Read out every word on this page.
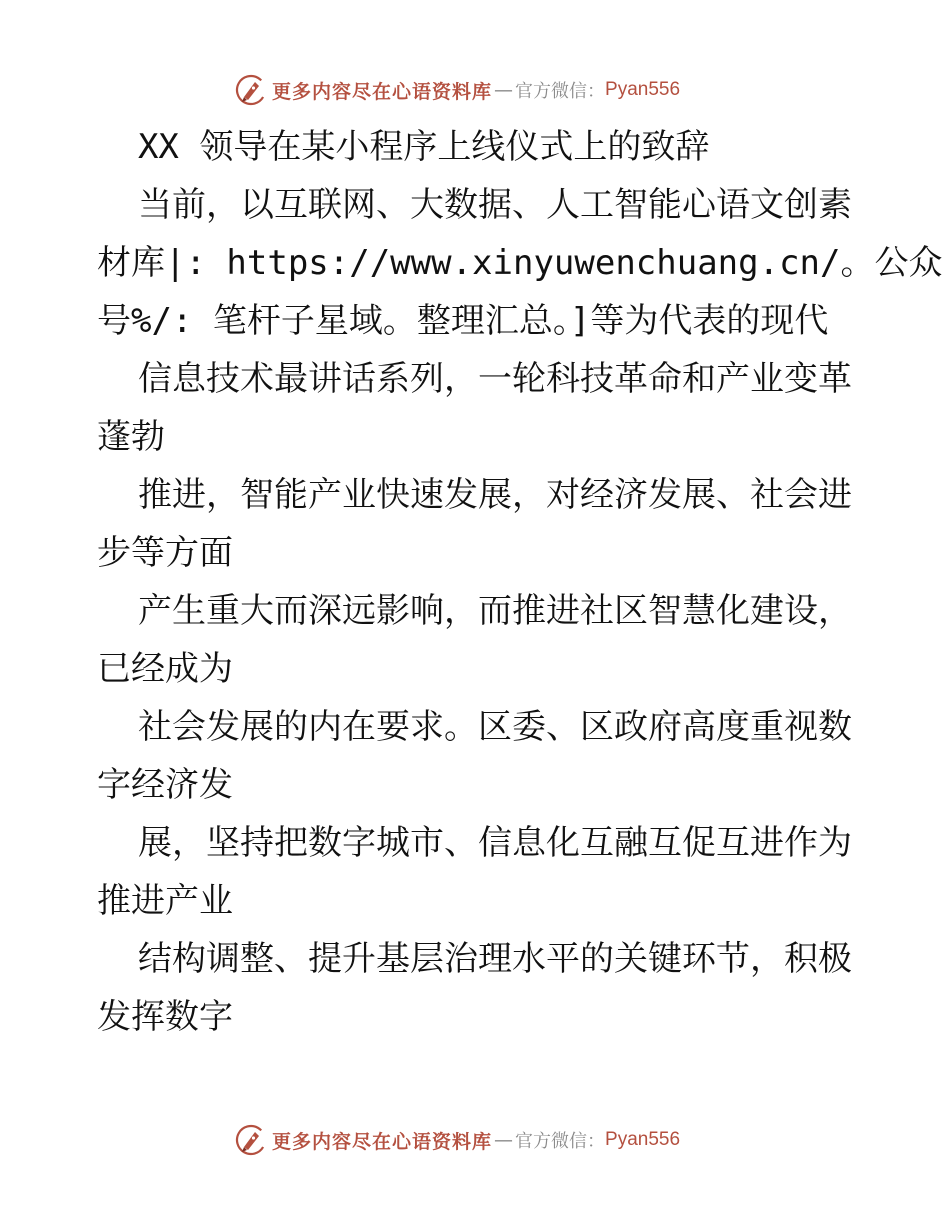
更多内容尽在心语资料库 — 官方微信： Pyan556
XX 领导在某小程序上线仪式上的致辞
当前，以互联网、大数据、人工智能心语文创素
材库|: https://www.xinyuwenchuang.cn/。公众
号%/: 笔杆子星域。整理汇总。]等为代表的现代
信息技术最讲话系列，一轮科技革命和产业变革
蓬勃
推进，智能产业快速发展，对经济发展、社会进
步等方面
产生重大而深远影响，而推进社区智慧化建设，
已经成为
社会发展的内在要求。区委、区政府高度重视数
字经济发
展，坚持把数字城市、信息化互融互促互进作为
推进产业
结构调整、提升基层治理水平的关键环节，积极
发挥数字
更多内容尽在心语资料库 — 官方微信： Pyan556
